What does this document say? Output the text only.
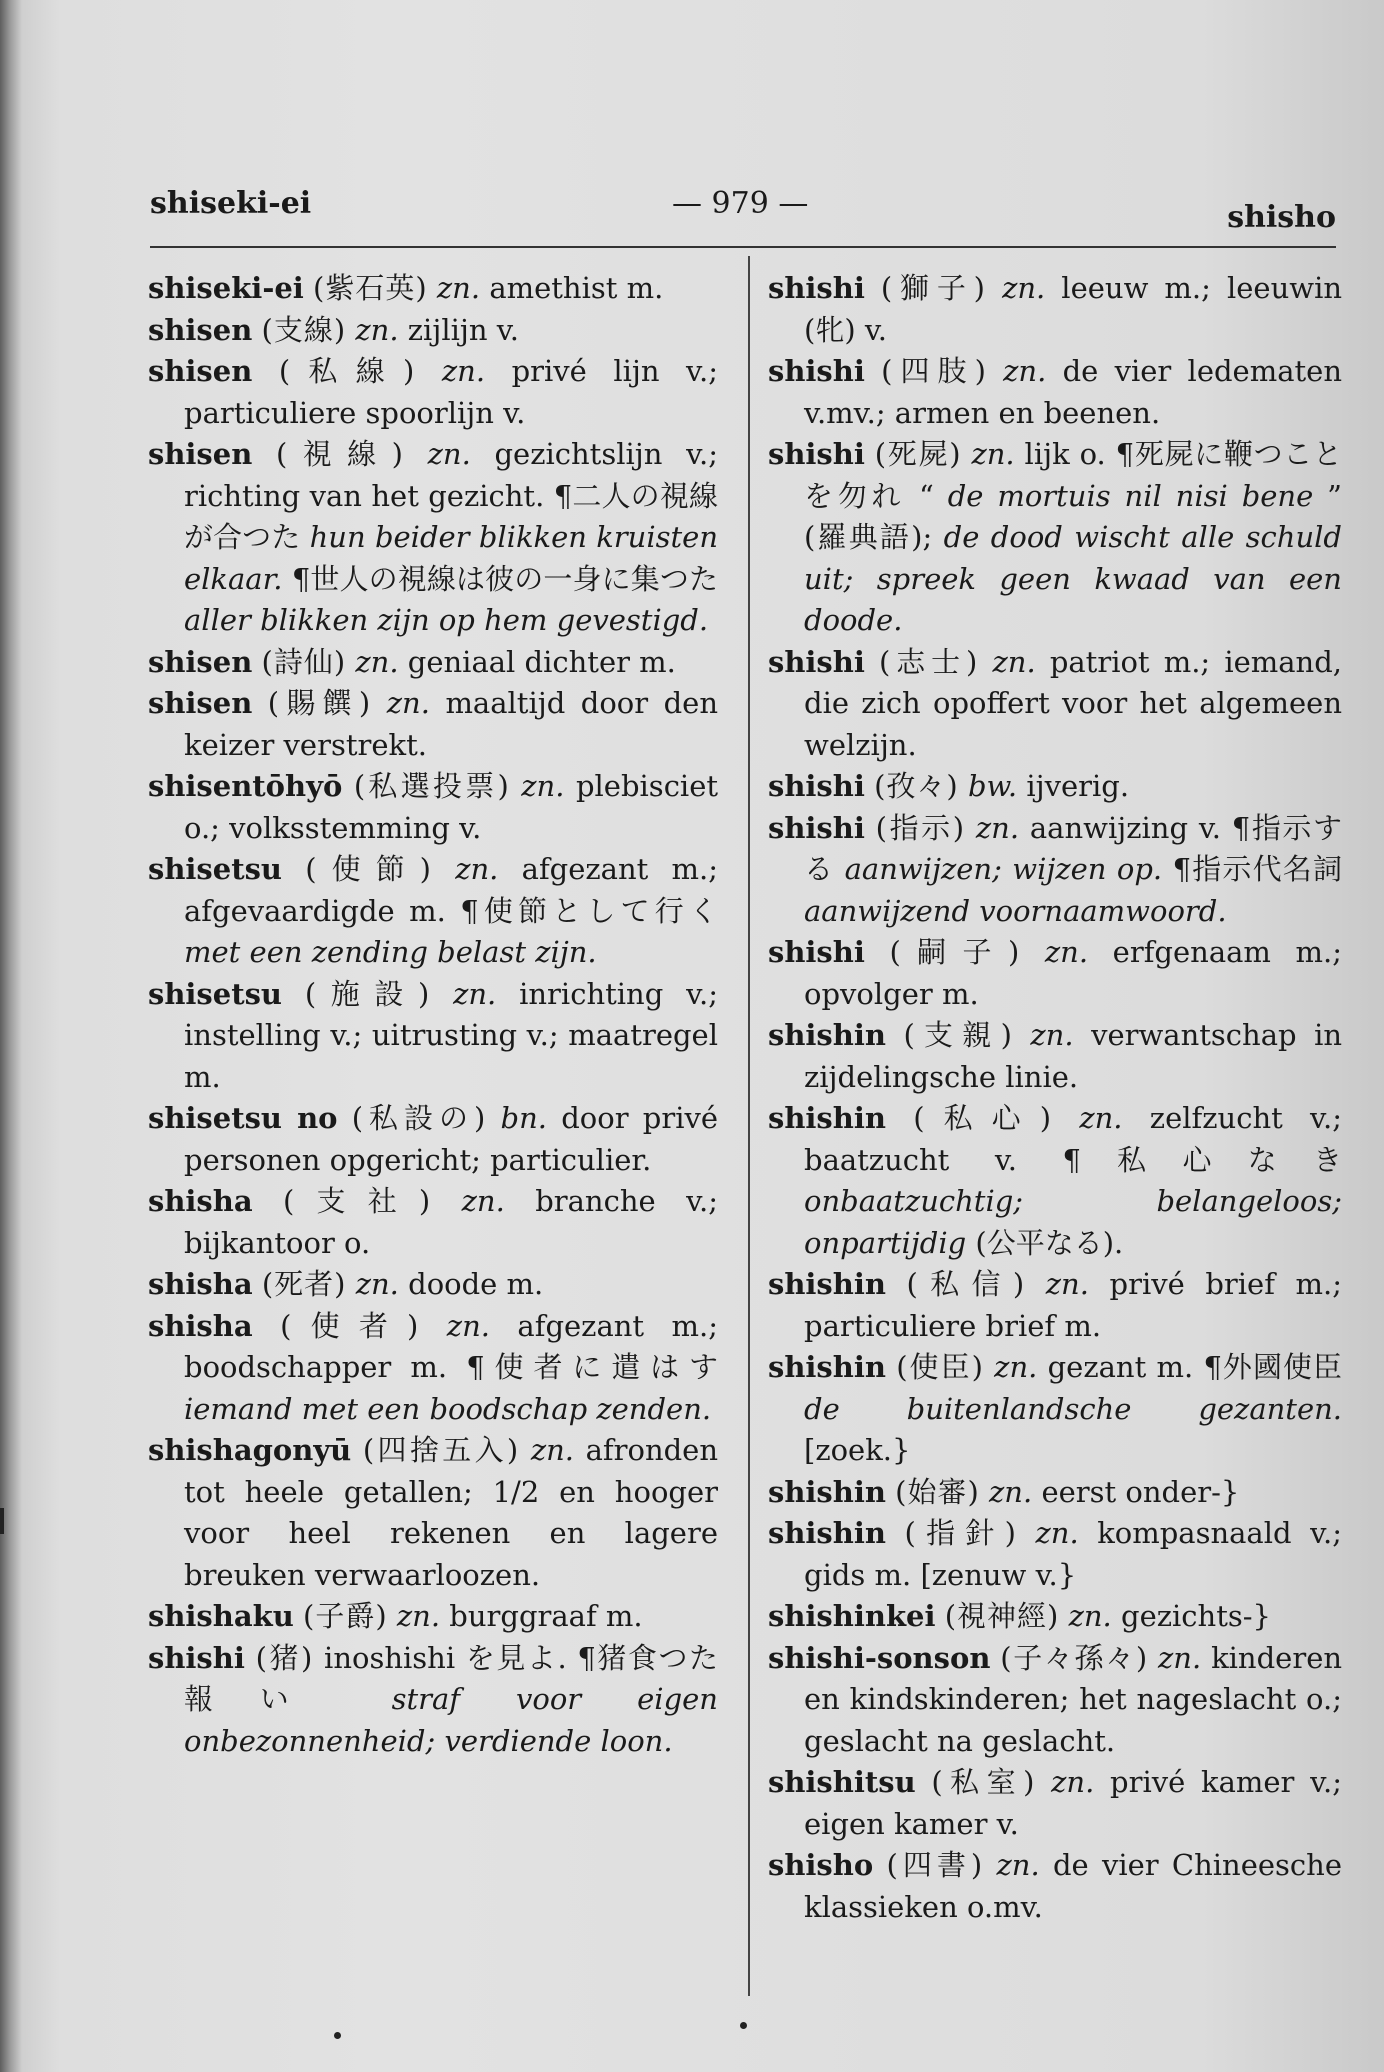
shiseki-ei	— 979 —	shisho

shiseki-ei (紫石英) zn. amethist m.

shisen (支線) zn. zijlijn v.

shisen (私線) zn. privé lijn v.; particuliere spoorlijn v.

shisen (視線) zn. gezichtslijn v.; richting van het gezicht. ¶二人の視線が合つた hun beider blikken kruisten elkaar. ¶世人の視線は彼の一身に集つた aller blikken zijn op hem gevestigd.

shisen (詩仙) zn. geniaal dichter m.

shisen (賜饌) zn. maaltijd door den keizer verstrekt.

shisentōhyō (私選投票) zn. plebisciet o.; volksstemming v.

shisetsu (使節) zn. afgezant m.; afgevaardigde m. ¶使節として行く met een zending belast zijn.

shisetsu (施設) zn. inrichting v.; instelling v.; uitrusting v.; maatregel m.

shisetsu no (私設の) bn. door privé personen opgericht; particulier.

shisha (支社) zn. branche v.; bijkantoor o.

shisha (死者) zn. doode m.

shisha (使者) zn. afgezant m.; boodschapper m. ¶使者に遣はす iemand met een boodschap zenden.

shishagonyū (四捨五入) zn. afronden tot heele getallen; 1/2 en hooger voor heel rekenen en lagere breuken verwaarloozen.

shishaku (子爵) zn. burggraaf m.

shishi (猪) inoshishi を見よ. ¶猪食つた報い straf voor eigen onbezonnenheid; verdiende loon.

shishi (獅子) zn. leeuw m.; leeuwin (牝) v.

shishi (四肢) zn. de vier ledematen v.mv.; armen en beenen.

shishi (死屍) zn. lijk o. ¶死屍に鞭つことを勿れ “ de mortuis nil nisi bene ” (羅典語); de dood wischt alle schuld uit; spreek geen kwaad van een doode.

shishi (志士) zn. patriot m.; iemand, die zich opoffert voor het algemeen welzijn.

shishi (孜々) bw. ijverig.

shishi (指示) zn. aanwijzing v. ¶指示する aanwijzen; wijzen op. ¶指示代名詞 aanwijzend voornaamwoord.

shishi (嗣子) zn. erfgenaam m.; opvolger m.

shishin (支親) zn. verwantschap in zijdelingsche linie.

shishin (私心) zn. zelfzucht v.; baatzucht v. ¶私心なき onbaatzuchtig; belangeloos; onpartijdig (公平なる).

shishin (私信) zn. privé brief m.; particuliere brief m.

shishin (使臣) zn. gezant m. ¶外國使臣 de buitenlandsche gezanten. [zoek.}

shishin (始審) zn. eerst onder-}

shishin (指針) zn. kompasnaald v.; gids m. [zenuw v.}

shishinkei (視神經) zn. gezichts-}

shishi-sonson (子々孫々) zn. kinderen en kindskinderen; het nageslacht o.; geslacht na geslacht.

shishitsu (私室) zn. privé kamer v.; eigen kamer v.

shisho (四書) zn. de vier Chineesche klassieken o.mv.
